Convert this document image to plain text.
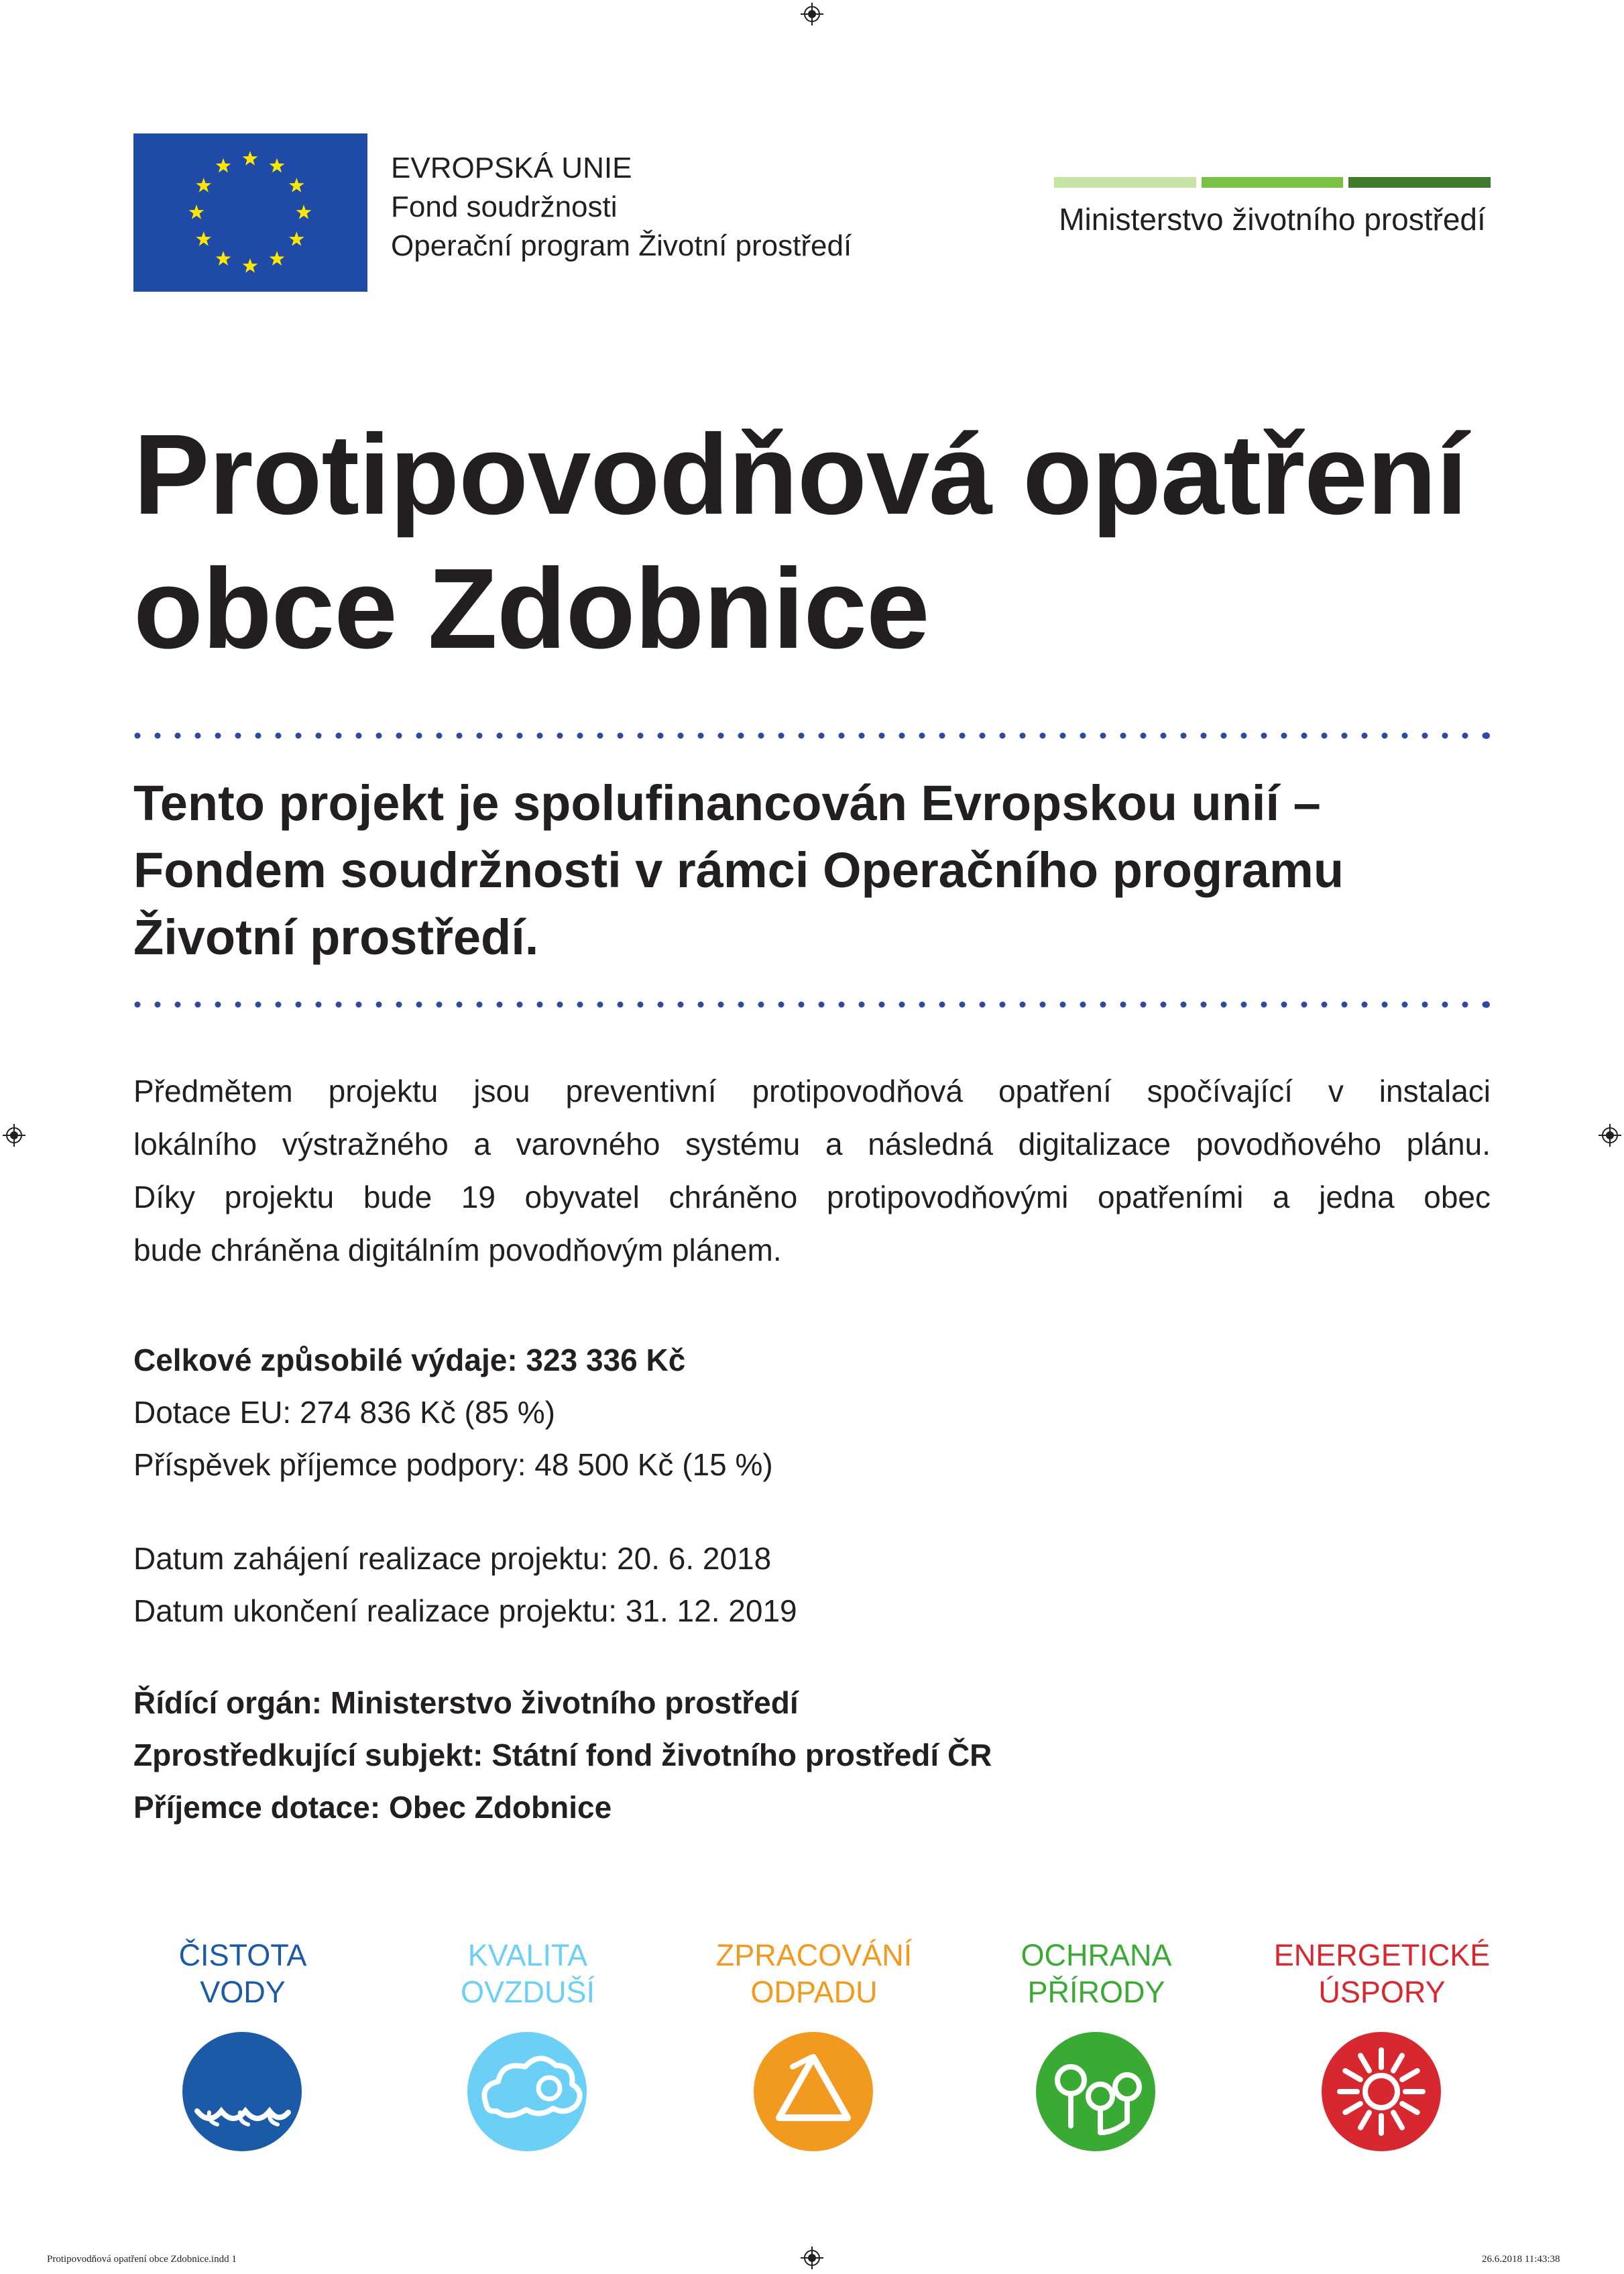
EVROPSKÁ UNIE
Fond soudržnosti
Operační program Životní prostředí
Ministerstvo životního prostředí
Protipovodňová opatření
obce Zdobnice
Tento projekt je spolufinancován Evropskou unií –
Fondem soudržnosti v rámci Operačního programu
Životní prostředí.
Předmětem projektu jsou preventivní protipovodňová opatření spočívající v instalaci
lokálního výstražného a varovného systému a následná digitalizace povodňového plánu.
Díky projektu bude 19 obyvatel chráněno protipovodňovými opatřeními a jedna obec
bude chráněna digitálním povodňovým plánem.
Celkové způsobilé výdaje: 323 336 Kč
Dotace EU: 274 836 Kč (85 %)
Příspěvek příjemce podpory: 48 500 Kč (15 %)
Datum zahájení realizace projektu: 20. 6. 2018
Datum ukončení realizace projektu: 31. 12. 2019
Řídící orgán: Ministerstvo životního prostředí
Zprostředkující subjekt: Státní fond životního prostředí ČR
Příjemce dotace: Obec Zdobnice
ČISTOTA
VODY
KVALITA
OVZDUŠÍ
ZPRACOVÁNÍ
ODPADU
OCHRANA
PŘÍRODY
ENERGETICKÉ
ÚSPORY
Protipovodňová opatření obce Zdobnice.indd 1	26.6.2018 11:43:38
